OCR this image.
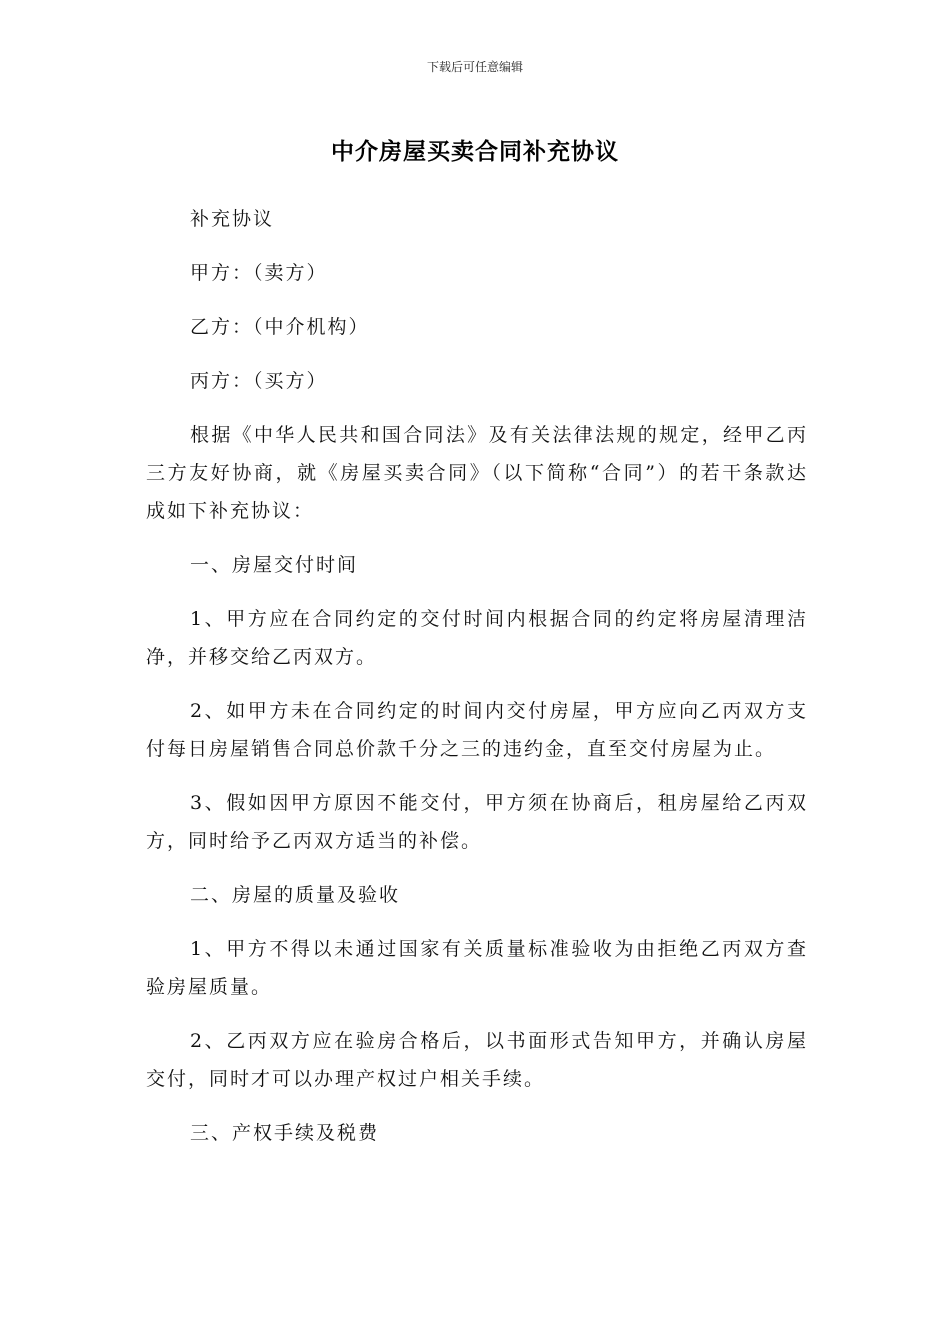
下载后可任意编辑
中介房屋买卖合同补充协议

补充协议

甲方：（卖方）

乙方：（中介机构）

丙方：（买方）

根据《中华人民共和国合同法》及有关法律法规的规定，经甲乙丙三方友好协商，就《房屋买卖合同》（以下简称“合同”）的若干条款达成如下补充协议：

一、房屋交付时间

1、甲方应在合同约定的交付时间内根据合同的约定将房屋清理洁净，并移交给乙丙双方。

2、如甲方未在合同约定的时间内交付房屋，甲方应向乙丙双方支付每日房屋销售合同总价款千分之三的违约金，直至交付房屋为止。

3、假如因甲方原因不能交付，甲方须在协商后，租房屋给乙丙双方，同时给予乙丙双方适当的补偿。

二、房屋的质量及验收

1、甲方不得以未通过国家有关质量标准验收为由拒绝乙丙双方查验房屋质量。

2、乙丙双方应在验房合格后，以书面形式告知甲方，并确认房屋交付，同时才可以办理产权过户相关手续。

三、产权手续及税费
